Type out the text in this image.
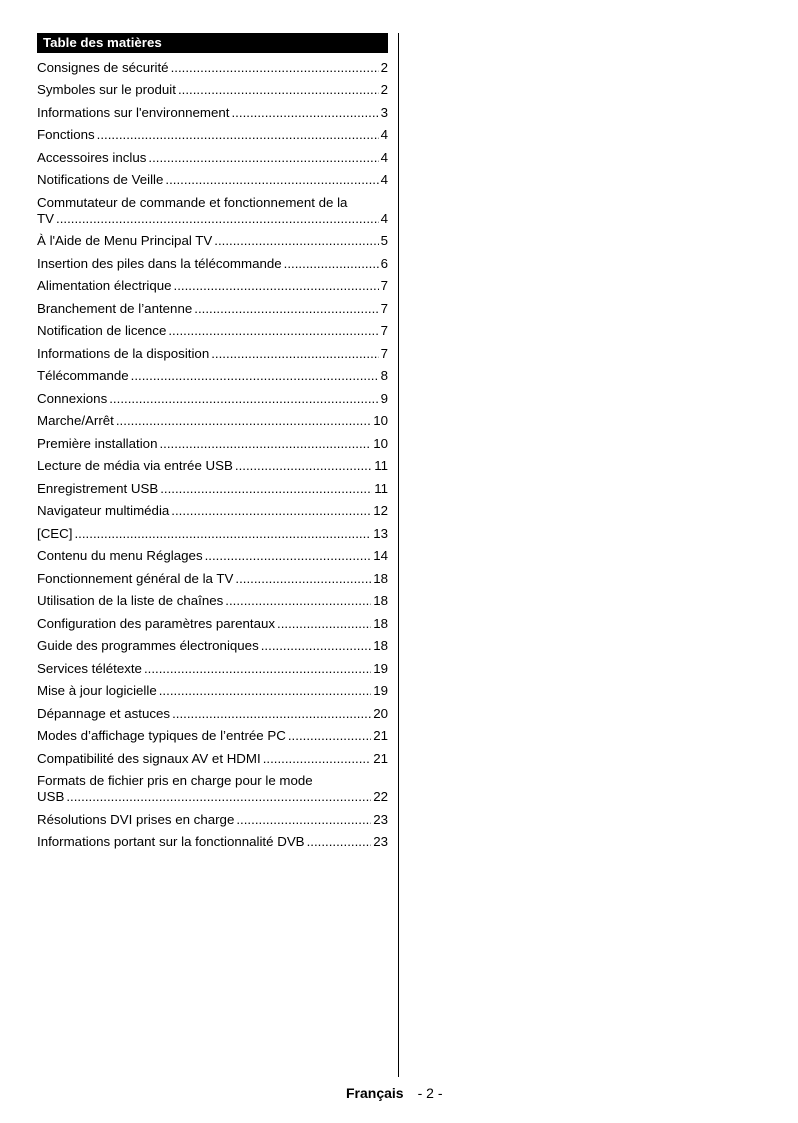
Table des matières
Consignes de sécurité .....	2
Symboles sur le produit .....	2
Informations sur l'environnement .....	3
Fonctions .....	4
Accessoires inclus .....	4
Notifications de Veille .....	4
Commutateur de commande et fonctionnement de la
TV .....	4
À l'Aide de Menu Principal TV .....	5
Insertion des piles dans la télécommande .....	6
Alimentation électrique .....	7
Branchement de l’antenne .....	7
Notification de licence .....	7
Informations de la disposition .....	7
Télécommande .....	8
Connexions .....	9
Marche/Arrêt .....	10
Première installation .....	10
Lecture de média via entrée USB .....	11
Enregistrement USB .....	11
Navigateur multimédia .....	12
[CEC] .....	13
Contenu du menu Réglages .....	14
Fonctionnement général de la TV .....	18
Utilisation de la liste de chaînes .....	18
Configuration des paramètres parentaux .....	18
Guide des programmes électroniques .....	18
Services télétexte .....	19
Mise à jour logicielle .....	19
Dépannage et astuces .....	20
Modes d’affichage typiques de l’entrée PC .....	21
Compatibilité des signaux AV et HDMI .....	21
Formats de fichier pris en charge pour le mode
USB .....	22
Résolutions DVI prises en charge .....	23
Informations portant sur la fonctionnalité DVB .....	23
Français - 2 -
